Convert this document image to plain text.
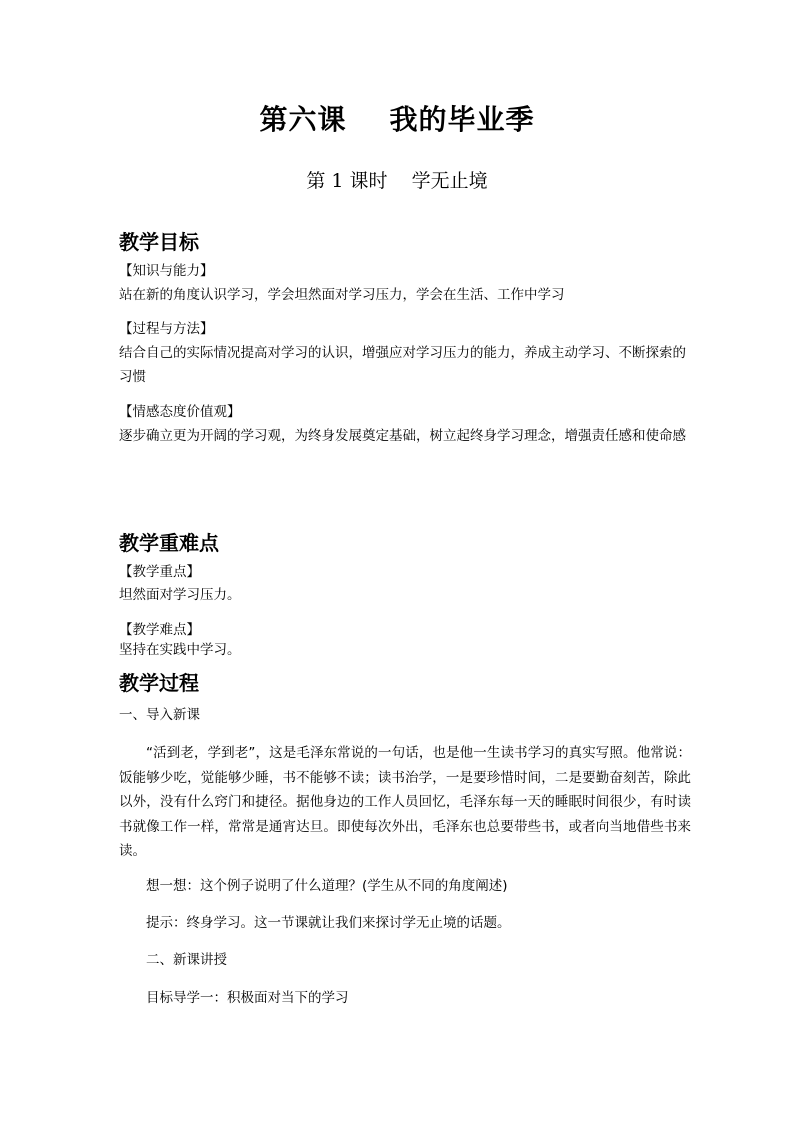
第六课    我的毕业季
第 1 课时    学无止境
教学目标
【知识与能力】
站在新的角度认识学习，学会坦然面对学习压力，学会在生活、工作中学习
【过程与方法】
结合自己的实际情况提高对学习的认识，增强应对学习压力的能力，养成主动学习、不断探索的习惯
【情感态度价值观】
逐步确立更为开阔的学习观，为终身发展奠定基础，树立起终身学习理念，增强责任感和使命感
教学重难点
【教学重点】
坦然面对学习压力。
【教学难点】
坚持在实践中学习。
教学过程
一、导入新课
“活到老，学到老”，这是毛泽东常说的一句话，也是他一生读书学习的真实写照。他常说：饭能够少吃，觉能够少睡，书不能够不读；读书治学，一是要珍惜时间，二是要勤奋刻苦，除此以外，没有什么窍门和捷径。据他身边的工作人员回忆，毛泽东每一天的睡眠时间很少，有时读书就像工作一样，常常是通宵达旦。即使每次外出，毛泽东也总要带些书，或者向当地借些书来读。
想一想：这个例子说明了什么道理？(学生从不同的角度阐述)
提示：终身学习。这一节课就让我们来探讨学无止境的话题。
二、新课讲授
目标导学一：积极面对当下的学习
